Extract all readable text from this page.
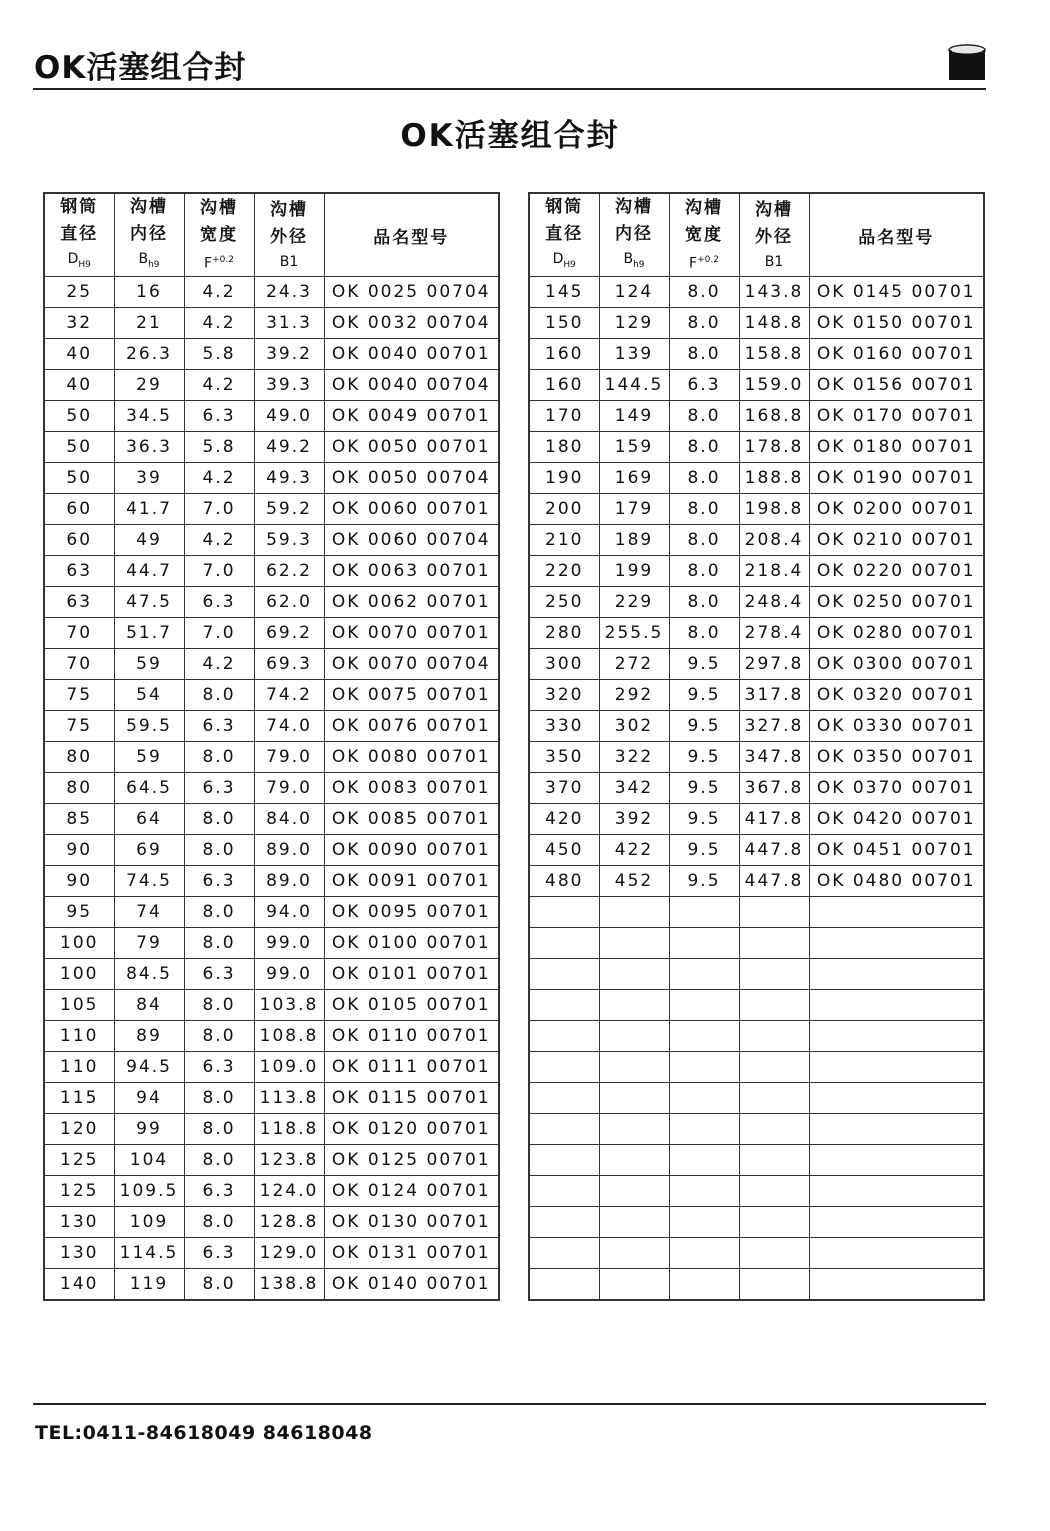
OK活塞组合封
OK活塞组合封
钢筒
直径
$D_{H9}$	沟槽
内径
$B_{h9}$	沟槽
宽度
$F^{+0.2}$	沟槽
外径
B1	品名型号
25	16	4.2	24.3	OK 0025 00704
32	21	4.2	31.3	OK 0032 00704
40	26.3	5.8	39.2	OK 0040 00701
40	29	4.2	39.3	OK 0040 00704
50	34.5	6.3	49.0	OK 0049 00701
50	36.3	5.8	49.2	OK 0050 00701
50	39	4.2	49.3	OK 0050 00704
60	41.7	7.0	59.2	OK 0060 00701
60	49	4.2	59.3	OK 0060 00704
63	44.7	7.0	62.2	OK 0063 00701
63	47.5	6.3	62.0	OK 0062 00701
70	51.7	7.0	69.2	OK 0070 00701
70	59	4.2	69.3	OK 0070 00704
75	54	8.0	74.2	OK 0075 00701
75	59.5	6.3	74.0	OK 0076 00701
80	59	8.0	79.0	OK 0080 00701
80	64.5	6.3	79.0	OK 0083 00701
85	64	8.0	84.0	OK 0085 00701
90	69	8.0	89.0	OK 0090 00701
90	74.5	6.3	89.0	OK 0091 00701
95	74	8.0	94.0	OK 0095 00701
100	79	8.0	99.0	OK 0100 00701
100	84.5	6.3	99.0	OK 0101 00701
105	84	8.0	103.8	OK 0105 00701
110	89	8.0	108.8	OK 0110 00701
110	94.5	6.3	109.0	OK 0111 00701
115	94	8.0	113.8	OK 0115 00701
120	99	8.0	118.8	OK 0120 00701
125	104	8.0	123.8	OK 0125 00701
125	109.5	6.3	124.0	OK 0124 00701
130	109	8.0	128.8	OK 0130 00701
130	114.5	6.3	129.0	OK 0131 00701
140	119	8.0	138.8	OK 0140 00701
钢筒
直径
$D_{H9}$	沟槽
内径
$B_{h9}$	沟槽
宽度
$F^{+0.2}$	沟槽
外径
B1	品名型号
145	124	8.0	143.8	OK 0145 00701
150	129	8.0	148.8	OK 0150 00701
160	139	8.0	158.8	OK 0160 00701
160	144.5	6.3	159.0	OK 0156 00701
170	149	8.0	168.8	OK 0170 00701
180	159	8.0	178.8	OK 0180 00701
190	169	8.0	188.8	OK 0190 00701
200	179	8.0	198.8	OK 0200 00701
210	189	8.0	208.4	OK 0210 00701
220	199	8.0	218.4	OK 0220 00701
250	229	8.0	248.4	OK 0250 00701
280	255.5	8.0	278.4	OK 0280 00701
300	272	9.5	297.8	OK 0300 00701
320	292	9.5	317.8	OK 0320 00701
330	302	9.5	327.8	OK 0330 00701
350	322	9.5	347.8	OK 0350 00701
370	342	9.5	367.8	OK 0370 00701
420	392	9.5	417.8	OK 0420 00701
450	422	9.5	447.8	OK 0451 00701
480	452	9.5	447.8	OK 0480 00701

TEL:0411-84618049 84618048
